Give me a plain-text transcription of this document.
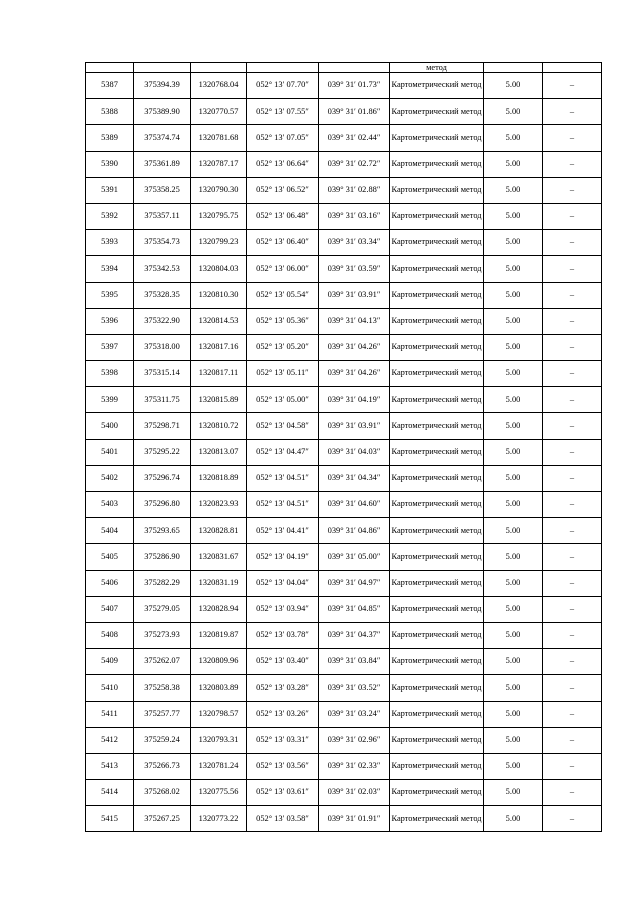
					метод		
5387	375394.39	1320768.04	052° 13′ 07.70″	039° 31′ 01.73″	Картометрический метод	5.00	–
5388	375389.90	1320770.57	052° 13′ 07.55″	039° 31′ 01.86″	Картометрический метод	5.00	–
5389	375374.74	1320781.68	052° 13′ 07.05″	039° 31′ 02.44″	Картометрический метод	5.00	–
5390	375361.89	1320787.17	052° 13′ 06.64″	039° 31′ 02.72″	Картометрический метод	5.00	–
5391	375358.25	1320790.30	052° 13′ 06.52″	039° 31′ 02.88″	Картометрический метод	5.00	–
5392	375357.11	1320795.75	052° 13′ 06.48″	039° 31′ 03.16″	Картометрический метод	5.00	–
5393	375354.73	1320799.23	052° 13′ 06.40″	039° 31′ 03.34″	Картометрический метод	5.00	–
5394	375342.53	1320804.03	052° 13′ 06.00″	039° 31′ 03.59″	Картометрический метод	5.00	–
5395	375328.35	1320810.30	052° 13′ 05.54″	039° 31′ 03.91″	Картометрический метод	5.00	–
5396	375322.90	1320814.53	052° 13′ 05.36″	039° 31′ 04.13″	Картометрический метод	5.00	–
5397	375318.00	1320817.16	052° 13′ 05.20″	039° 31′ 04.26″	Картометрический метод	5.00	–
5398	375315.14	1320817.11	052° 13′ 05.11″	039° 31′ 04.26″	Картометрический метод	5.00	–
5399	375311.75	1320815.89	052° 13′ 05.00″	039° 31′ 04.19″	Картометрический метод	5.00	–
5400	375298.71	1320810.72	052° 13′ 04.58″	039° 31′ 03.91″	Картометрический метод	5.00	–
5401	375295.22	1320813.07	052° 13′ 04.47″	039° 31′ 04.03″	Картометрический метод	5.00	–
5402	375296.74	1320818.89	052° 13′ 04.51″	039° 31′ 04.34″	Картометрический метод	5.00	–
5403	375296.80	1320823.93	052° 13′ 04.51″	039° 31′ 04.60″	Картометрический метод	5.00	–
5404	375293.65	1320828.81	052° 13′ 04.41″	039° 31′ 04.86″	Картометрический метод	5.00	–
5405	375286.90	1320831.67	052° 13′ 04.19″	039° 31′ 05.00″	Картометрический метод	5.00	–
5406	375282.29	1320831.19	052° 13′ 04.04″	039° 31′ 04.97″	Картометрический метод	5.00	–
5407	375279.05	1320828.94	052° 13′ 03.94″	039° 31′ 04.85″	Картометрический метод	5.00	–
5408	375273.93	1320819.87	052° 13′ 03.78″	039° 31′ 04.37″	Картометрический метод	5.00	–
5409	375262.07	1320809.96	052° 13′ 03.40″	039° 31′ 03.84″	Картометрический метод	5.00	–
5410	375258.38	1320803.89	052° 13′ 03.28″	039° 31′ 03.52″	Картометрический метод	5.00	–
5411	375257.77	1320798.57	052° 13′ 03.26″	039° 31′ 03.24″	Картометрический метод	5.00	–
5412	375259.24	1320793.31	052° 13′ 03.31″	039° 31′ 02.96″	Картометрический метод	5.00	–
5413	375266.73	1320781.24	052° 13′ 03.56″	039° 31′ 02.33″	Картометрический метод	5.00	–
5414	375268.02	1320775.56	052° 13′ 03.61″	039° 31′ 02.03″	Картометрический метод	5.00	–
5415	375267.25	1320773.22	052° 13′ 03.58″	039° 31′ 01.91″	Картометрический метод	5.00	–
